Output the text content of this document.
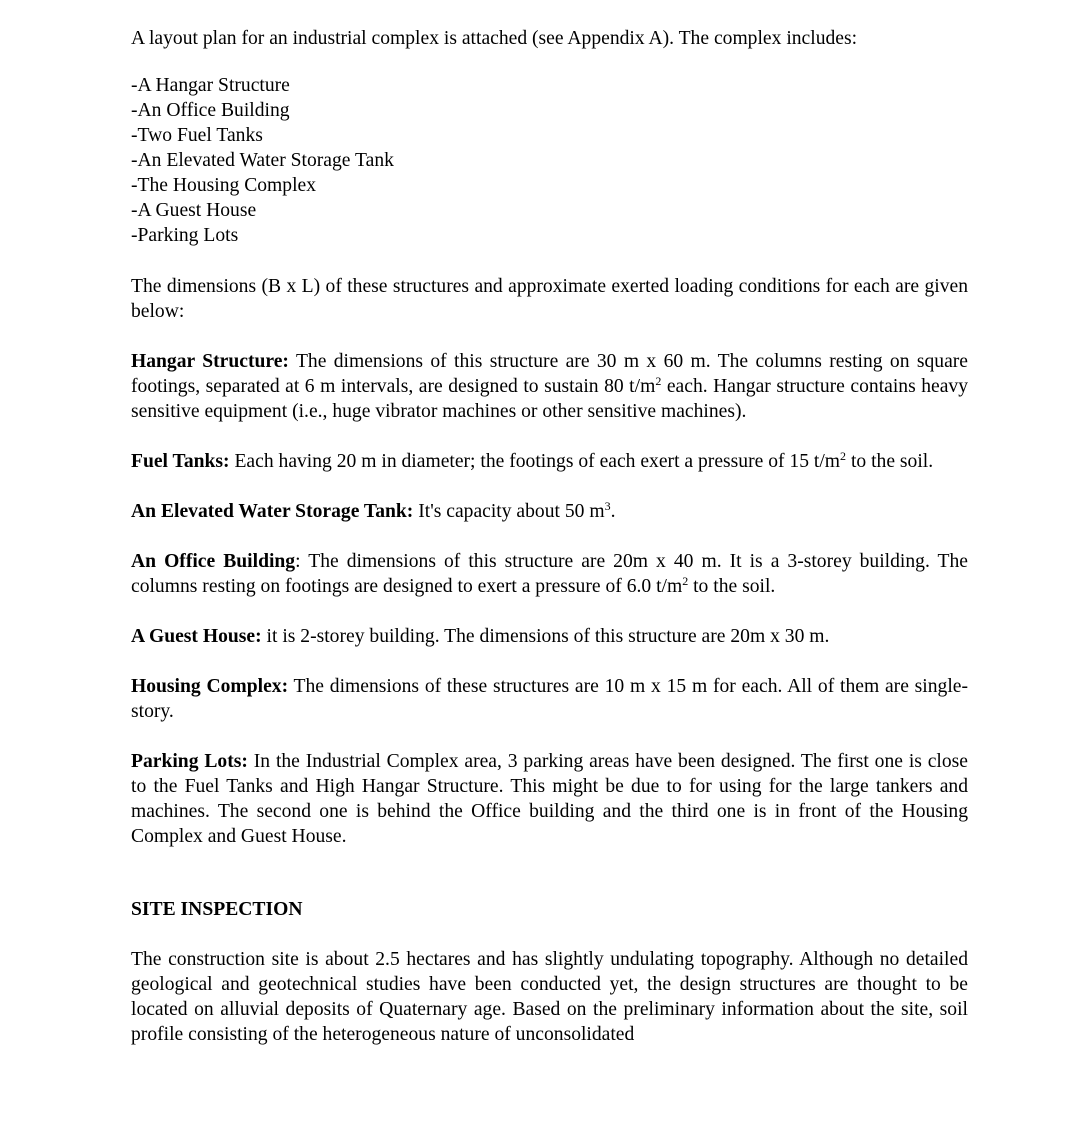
A layout plan for an industrial complex is attached (see Appendix A). The complex includes:

-A Hangar Structure
-An Office Building
-Two Fuel Tanks
-An Elevated Water Storage Tank
-The Housing Complex
-A Guest House
-Parking Lots

The dimensions (B x L) of these structures and approximate exerted loading conditions for each are given below:

Hangar Structure: The dimensions of this structure are 30 m x 60 m. The columns resting on square footings, separated at 6 m intervals, are designed to sustain 80 $t/m^2$ each. Hangar structure contains heavy sensitive equipment (i.e., huge vibrator machines or other sensitive machines).

Fuel Tanks: Each having 20 m in diameter; the footings of each exert a pressure of 15 $t/m^2$ to the soil.

An Elevated Water Storage Tank: It's capacity about 50 $m^3$.

An Office Building: The dimensions of this structure are 20m x 40 m. It is a 3-storey building. The columns resting on footings are designed to exert a pressure of 6.0 $t/m^2$ to the soil.

A Guest House: it is 2-storey building. The dimensions of this structure are 20m x 30 m.

Housing Complex: The dimensions of these structures are 10 m x 15 m for each. All of them are single-story.

Parking Lots: In the Industrial Complex area, 3 parking areas have been designed. The first one is close to the Fuel Tanks and High Hangar Structure. This might be due to for using for the large tankers and machines. The second one is behind the Office building and the third one is in front of the Housing Complex and Guest House.

SITE INSPECTION

The construction site is about 2.5 hectares and has slightly undulating topography. Although no detailed geological and geotechnical studies have been conducted yet, the design structures are thought to be located on alluvial deposits of Quaternary age. Based on the preliminary information about the site, soil profile consisting of the heterogeneous nature of unconsolidated
